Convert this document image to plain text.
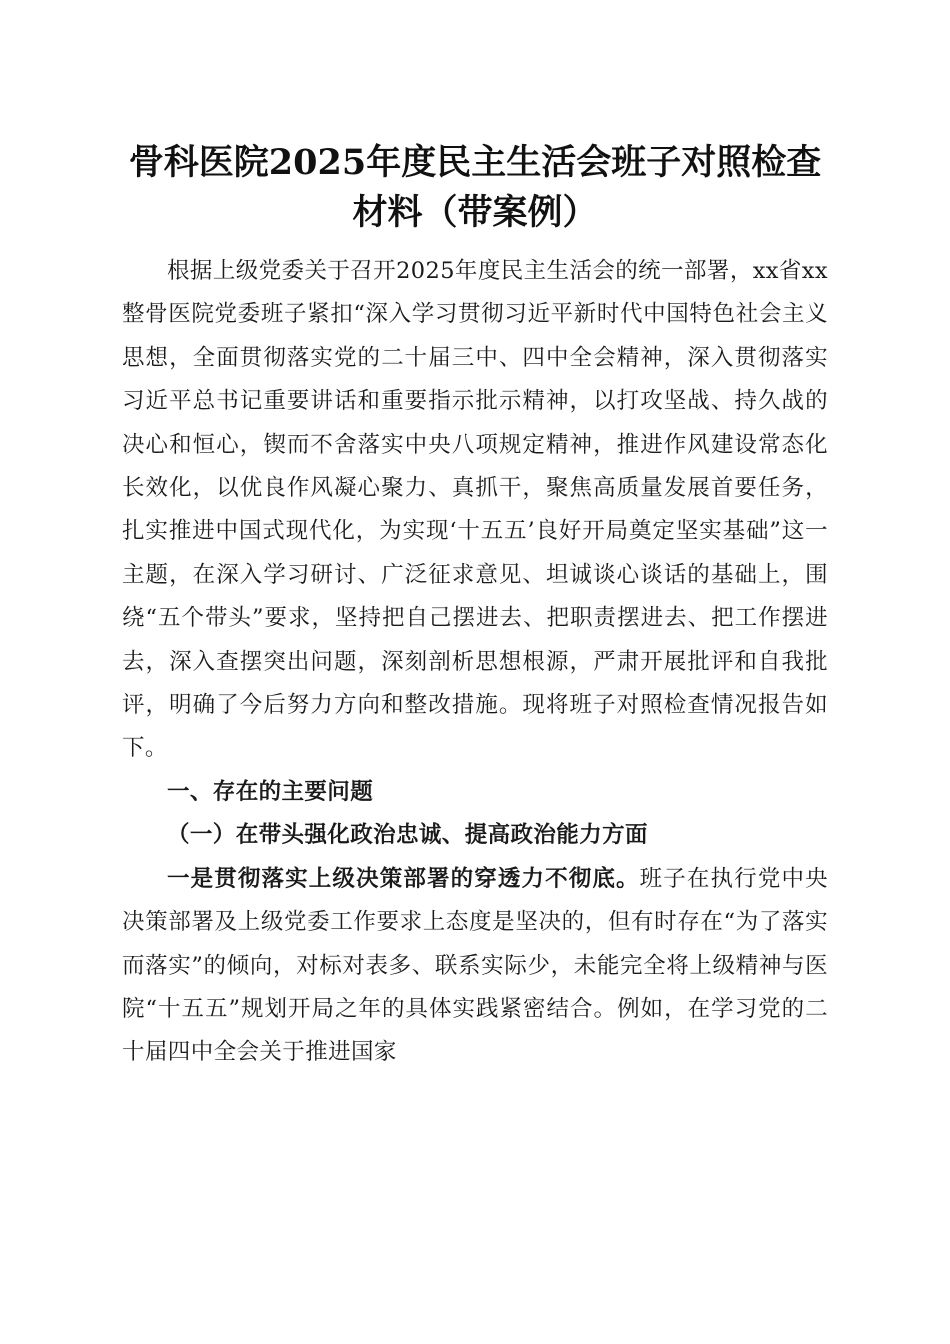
骨科医院2025年度民主生活会班子对照检查
材料（带案例）

根据上级党委关于召开2025年度民主生活会的统一部署，xx省xx整骨医院党委班子紧扣“深入学习贯彻习近平新时代中国特色社会主义思想，全面贯彻落实党的二十届三中、四中全会精神，深入贯彻落实习近平总书记重要讲话和重要指示批示精神，以打攻坚战、持久战的决心和恒心，锲而不舍落实中央八项规定精神，推进作风建设常态化长效化，以优良作风凝心聚力、真抓干，聚焦高质量发展首要任务，扎实推进中国式现代化，为实现‘十五五’良好开局奠定坚实基础”这一主题，在深入学习研讨、广泛征求意见、坦诚谈心谈话的基础上，围绕“五个带头”要求，坚持把自己摆进去、把职责摆进去、把工作摆进去，深入查摆突出问题，深刻剖析思想根源，严肃开展批评和自我批评，明确了今后努力方向和整改措施。现将班子对照检查情况报告如下。

一、存在的主要问题

（一）在带头强化政治忠诚、提高政治能力方面

一是贯彻落实上级决策部署的穿透力不彻底。班子在执行党中央决策部署及上级党委工作要求上态度是坚决的，但有时存在“为了落实而落实”的倾向，对标对表多、联系实际少，未能完全将上级精神与医院“十五五”规划开局之年的具体实践紧密结合。例如，在学习党的二十届四中全会关于推进国家
